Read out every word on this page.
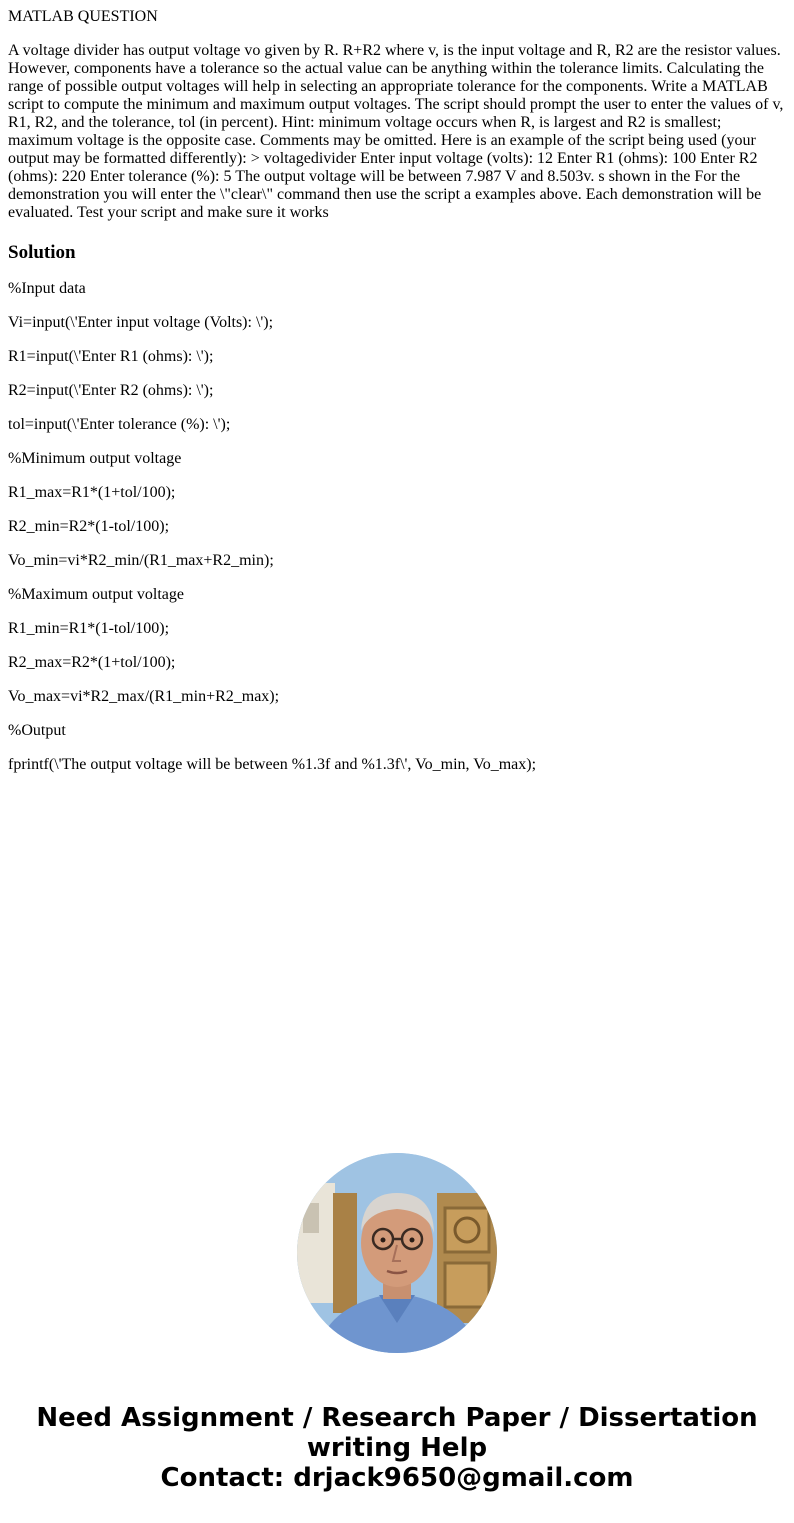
MATLAB QUESTION

A voltage divider has output voltage vo given by R. R+R2 where v, is the input voltage and R, R2 are the resistor values. However, components have a tolerance so the actual value can be anything within the tolerance limits. Calculating the range of possible output voltages will help in selecting an appropriate tolerance for the components. Write a MATLAB script to compute the minimum and maximum output voltages. The script should prompt the user to enter the values of v, R1, R2, and the tolerance, tol (in percent). Hint: minimum voltage occurs when R, is largest and R2 is smallest; maximum voltage is the opposite case. Comments may be omitted. Here is an example of the script being used (your output may be formatted differently): > voltagedivider Enter input voltage (volts): 12 Enter R1 (ohms): 100 Enter R2 (ohms): 220 Enter tolerance (%): 5 The output voltage will be between 7.987 V and 8.503v. s shown in the For the demonstration you will enter the \"clear\" command then use the script a examples above. Each demonstration will be evaluated. Test your script and make sure it works

Solution

%Input data

Vi=input(\'Enter input voltage (Volts): \');

R1=input(\'Enter R1 (ohms): \');

R2=input(\'Enter R2 (ohms): \');

tol=input(\'Enter tolerance (%): \');

%Minimum output voltage

R1_max=R1*(1+tol/100);

R2_min=R2*(1-tol/100);

Vo_min=vi*R2_min/(R1_max+R2_min);

%Maximum output voltage

R1_min=R1*(1-tol/100);

R2_max=R2*(1+tol/100);

Vo_max=vi*R2_max/(R1_min+R2_max);

%Output

fprintf(\'The output voltage will be between %1.3f and %1.3f\', Vo_min, Vo_max);

Need Assignment / Research Paper / Dissertation
writing Help
Contact: drjack9650@gmail.com
